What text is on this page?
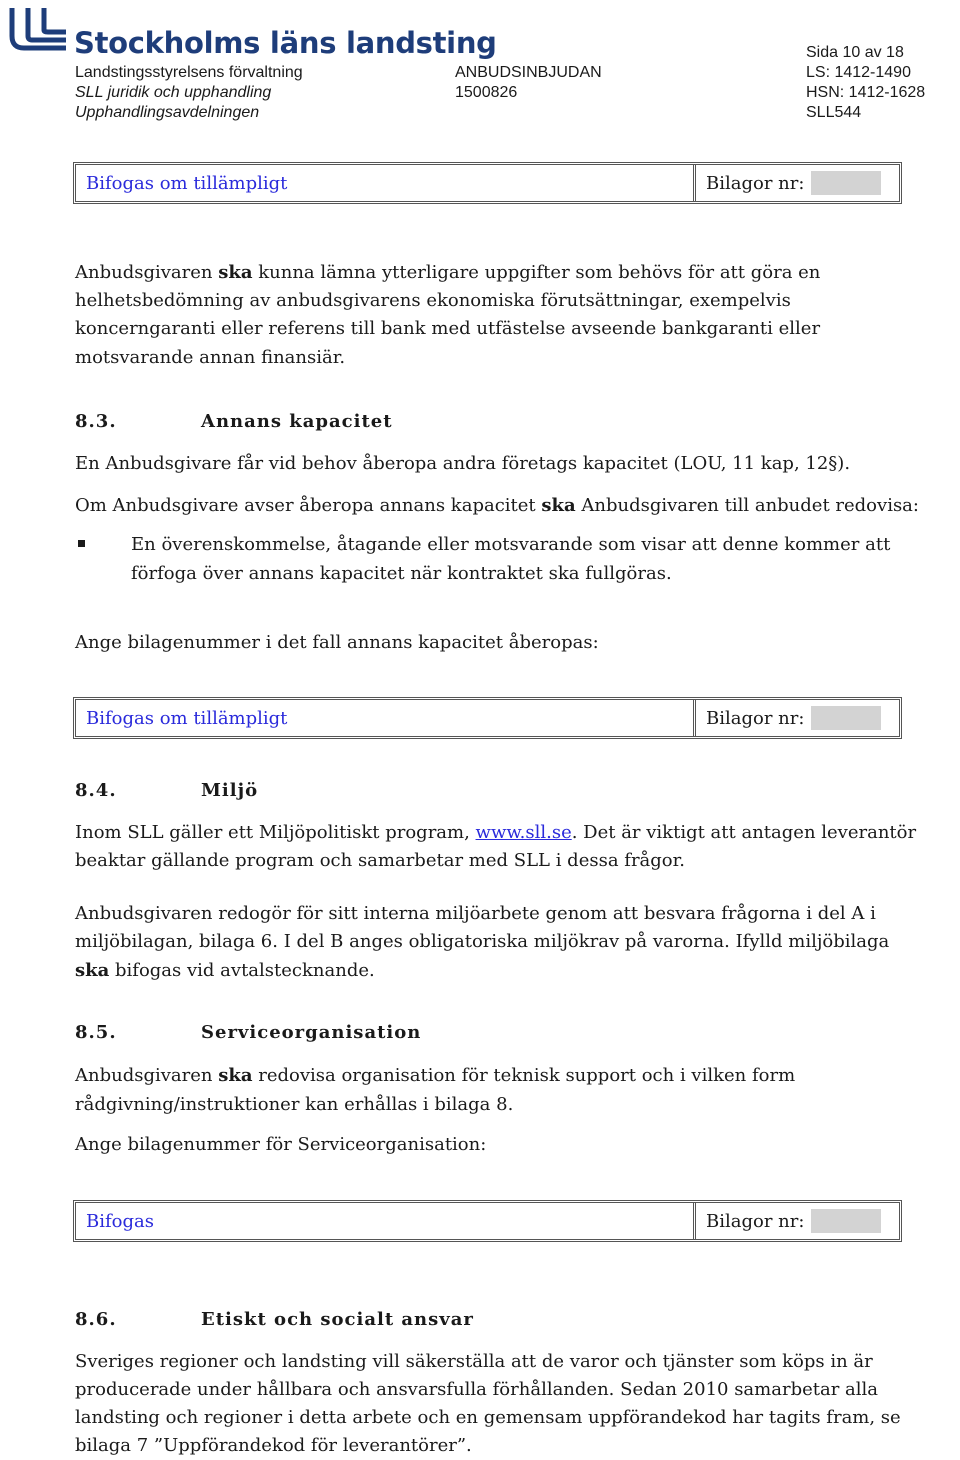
Stockholms läns landsting
Landstingsstyrelsens förvaltning
SLL juridik och upphandling
Upphandlingsavdelningen
ANBUDSINBJUDAN
1500826
Sida 10 av 18
LS: 1412-1490
HSN: 1412-1628
SLL544
Bifogas om tillämpligt	Bilagor nr:
Anbudsgivaren ska kunna lämna ytterligare uppgifter som behövs för att göra en
helhetsbedömning av anbudsgivarens ekonomiska förutsättningar, exempelvis
koncerngaranti eller referens till bank med utfästelse avseende bankgaranti eller
motsvarande annan finansiär.
8.3.	Annans kapacitet
En Anbudsgivare får vid behov åberopa andra företags kapacitet (LOU, 11 kap, 12§).
Om Anbudsgivare avser åberopa annans kapacitet ska Anbudsgivaren till anbudet redovisa:
En överenskommelse, åtagande eller motsvarande som visar att denne kommer att
förfoga över annans kapacitet när kontraktet ska fullgöras.
Ange bilagenummer i det fall annans kapacitet åberopas:
Bifogas om tillämpligt	Bilagor nr:
8.4.	Miljö
Inom SLL gäller ett Miljöpolitiskt program, www.sll.se. Det är viktigt att antagen leverantör
beaktar gällande program och samarbetar med SLL i dessa frågor.
Anbudsgivaren redogör för sitt interna miljöarbete genom att besvara frågorna i del A i
miljöbilagan, bilaga 6. I del B anges obligatoriska miljökrav på varorna. Ifylld miljöbilaga
ska bifogas vid avtalstecknande.
8.5.	Serviceorganisation
Anbudsgivaren ska redovisa organisation för teknisk support och i vilken form
rådgivning/instruktioner kan erhållas i bilaga 8.
Ange bilagenummer för Serviceorganisation:
Bifogas	Bilagor nr:
8.6.	Etiskt och socialt ansvar
Sveriges regioner och landsting vill säkerställa att de varor och tjänster som köps in är
producerade under hållbara och ansvarsfulla förhållanden. Sedan 2010 samarbetar alla
landsting och regioner i detta arbete och en gemensam uppförandekod har tagits fram, se
bilaga 7 ”Uppförandekod för leverantörer”.
